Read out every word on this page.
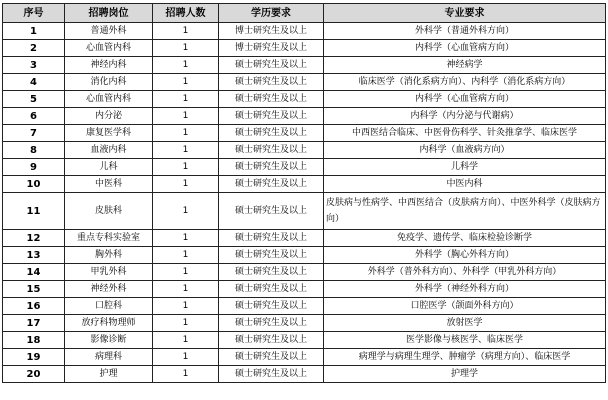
序号	招聘岗位	招聘人数	学历要求	专业要求
1	普通外科	1	博士研究生及以上	外科学（普通外科方向）
2	心血管内科	1	博士研究生及以上	内科学（心血管病方向）
3	神经内科	1	硕士研究生及以上	神经病学
4	消化内科	1	硕士研究生及以上	临床医学（消化系病方向）、内科学（消化系病方向）
5	心血管内科	1	硕士研究生及以上	内科学（心血管病方向）
6	内分泌	1	硕士研究生及以上	内科学（内分泌与代谢病）
7	康复医学科	1	硕士研究生及以上	中西医结合临床、中医骨伤科学、针灸推拿学、临床医学
8	血液内科	1	硕士研究生及以上	内科学（血液病方向）
9	儿科	1	硕士研究生及以上	儿科学
10	中医科	1	硕士研究生及以上	中医内科
11	皮肤科	1	硕士研究生及以上	皮肤病与性病学、中西医结合（皮肤病方向）、中医外科学（皮肤病方向）
12	重点专科实验室	1	硕士研究生及以上	免疫学、遗传学、临床检验诊断学
13	胸外科	1	硕士研究生及以上	外科学（胸心外科方向）
14	甲乳外科	1	硕士研究生及以上	外科学（普外科方向）、外科学（甲乳外科方向）
15	神经外科	1	硕士研究生及以上	外科学（神经外科方向）
16	口腔科	1	硕士研究生及以上	口腔医学（颌面外科方向）
17	放疗科物理师	1	硕士研究生及以上	放射医学
18	影像诊断	1	硕士研究生及以上	医学影像与核医学、临床医学
19	病理科	1	硕士研究生及以上	病理学与病理生理学、肿瘤学（病理方向）、临床医学
20	护理	1	硕士研究生及以上	护理学
